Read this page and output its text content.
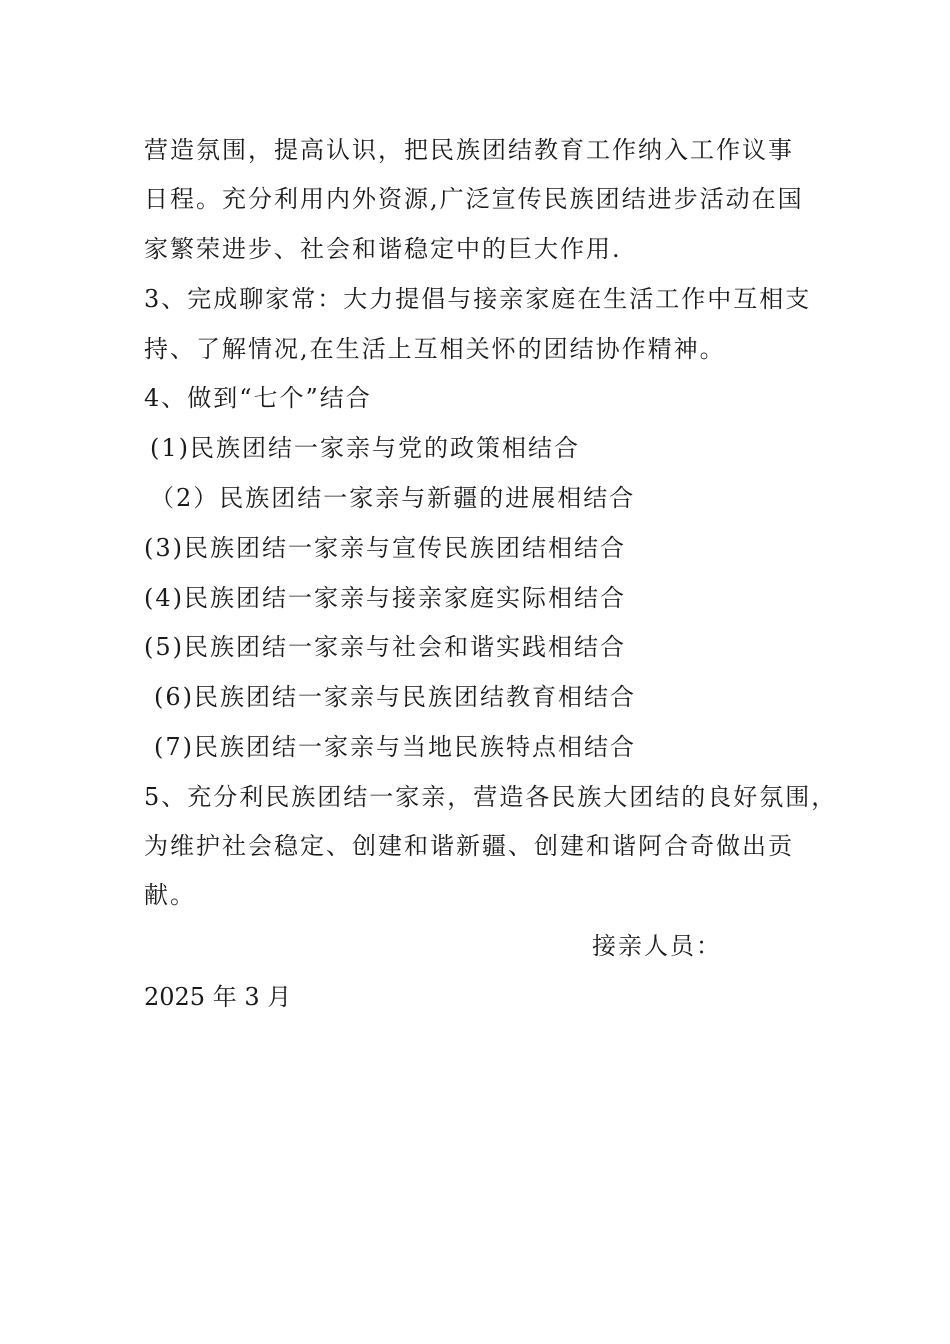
营造氛围，提高认识，把民族团结教育工作纳入工作议事
日程。充分利用内外资源,广泛宣传民族团结进步活动在国
家繁荣进步、社会和谐稳定中的巨大作用.
3、完成聊家常：大力提倡与接亲家庭在生活工作中互相支
持、了解情况,在生活上互相关怀的团结协作精神。
4、做到“七个”结合
(1)民族团结一家亲与党的政策相结合
（2）民族团结一家亲与新疆的进展相结合
(3)民族团结一家亲与宣传民族团结相结合
(4)民族团结一家亲与接亲家庭实际相结合
(5)民族团结一家亲与社会和谐实践相结合
(6)民族团结一家亲与民族团结教育相结合
(7)民族团结一家亲与当地民族特点相结合
5、充分利民族团结一家亲，营造各民族大团结的良好氛围，
为维护社会稳定、创建和谐新疆、创建和谐阿合奇做出贡
献。
接亲人员：
2025 年 3 月
